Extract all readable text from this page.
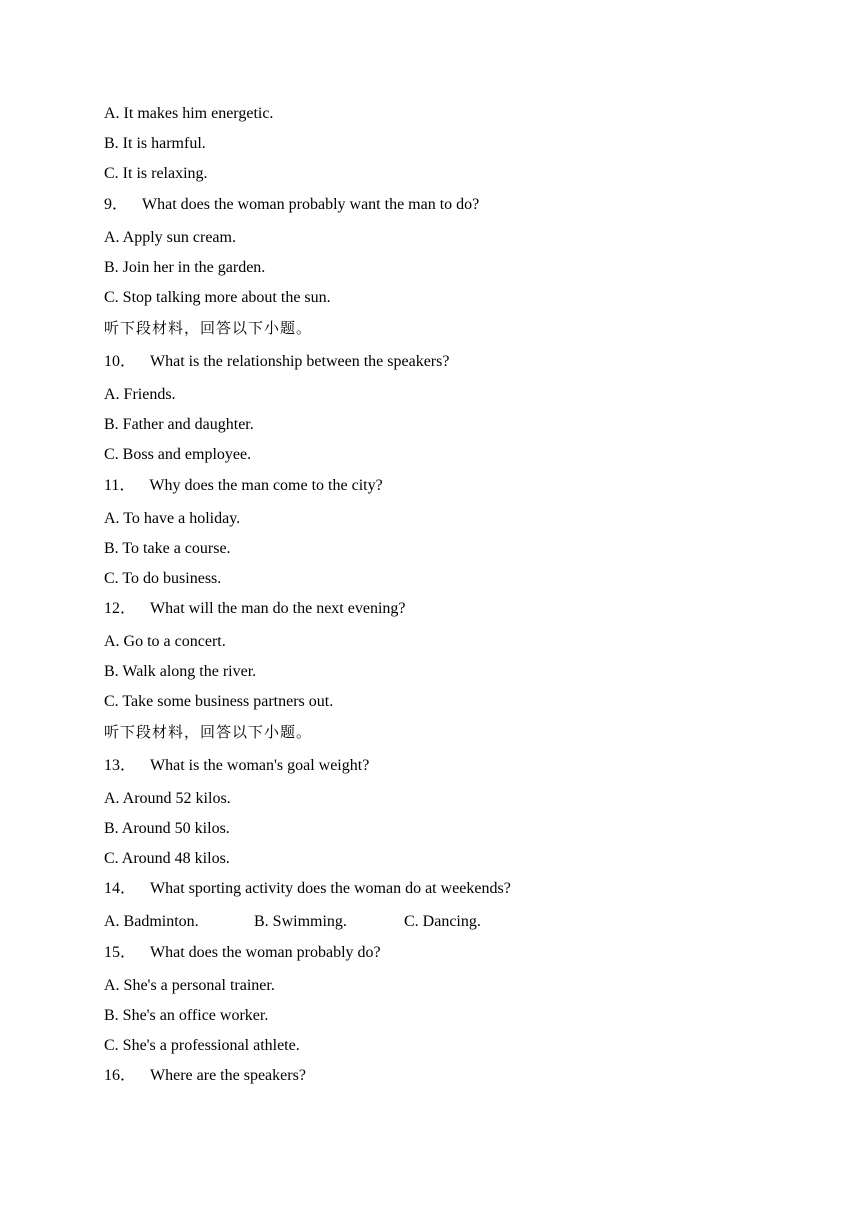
A. It makes him energetic.
B. It is harmful.
C. It is relaxing.
9． What does the woman probably want the man to do?
A. Apply sun cream.
B. Join her in the garden.
C. Stop talking more about the sun.
听下段材料，回答以下小题。
10． What is the relationship between the speakers?
A. Friends.
B. Father and daughter.
C. Boss and employee.
11． Why does the man come to the city?
A. To have a holiday.
B. To take a course.
C. To do business.
12． What will the man do the next evening?
A. Go to a concert.
B. Walk along the river.
C. Take some business partners out.
听下段材料，回答以下小题。
13． What is the woman's goal weight?
A. Around 52 kilos.
B. Around 50 kilos.
C. Around 48 kilos.
14． What sporting activity does the woman do at weekends?
A. Badminton.	B. Swimming.	C. Dancing.
15． What does the woman probably do?
A. She's a personal trainer.
B. She's an office worker.
C. She's a professional athlete.
16． Where are the speakers?
